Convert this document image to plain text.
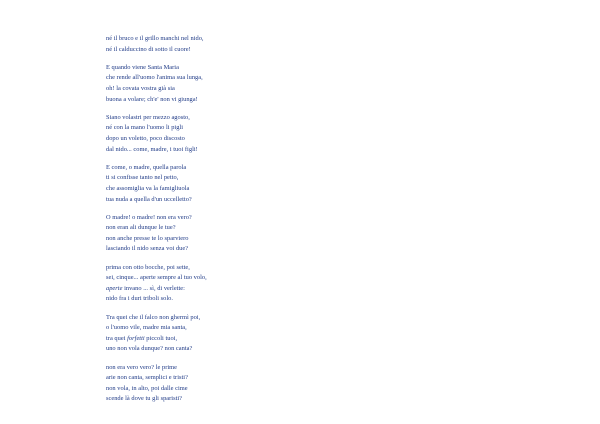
né il bruco e il grillo manchi nel nido,
né il calduccino di sotto il cuore!
E quando viene Santa Maria
che rende all'uomo l'anima sua lunga,
oh! la covata vostra già sia
buona a volare; ch'e' non vi giunga!
Siano volastri per mezzo agosto,
né con la mano l'uomo li pigli
dopo un voletto, poco discosto
dal nido... come, madre, i tuoi figli!
E come, o madre, quella parola
ti si confisse tanto nel petto,
che assomiglia va la famigliuola
tua nuda a quella d'un uccelletto?
O madre! o madre! non era vero?
non eran ali dunque le tue?
non anche presse te lo sparviero
lasciando il nido senza voi due?
prima con otto bocche, poi sette,
sei, cinque... aperte sempre al tuo volo,
aperte invano ... sì, di verlette:
nido fra i duri triboli solo.
Tra quei che il falco non ghermì poi,
o l'uomo vile, madre mia santa,
tra quei forfetti piccoli tuoi,
uno non vola dunque? non canta?
non era vero vero? le prime
arie non canta, semplici e tristi?
non vola, in alto, poi dalle cime
scende là dove tu gli sparisti?
